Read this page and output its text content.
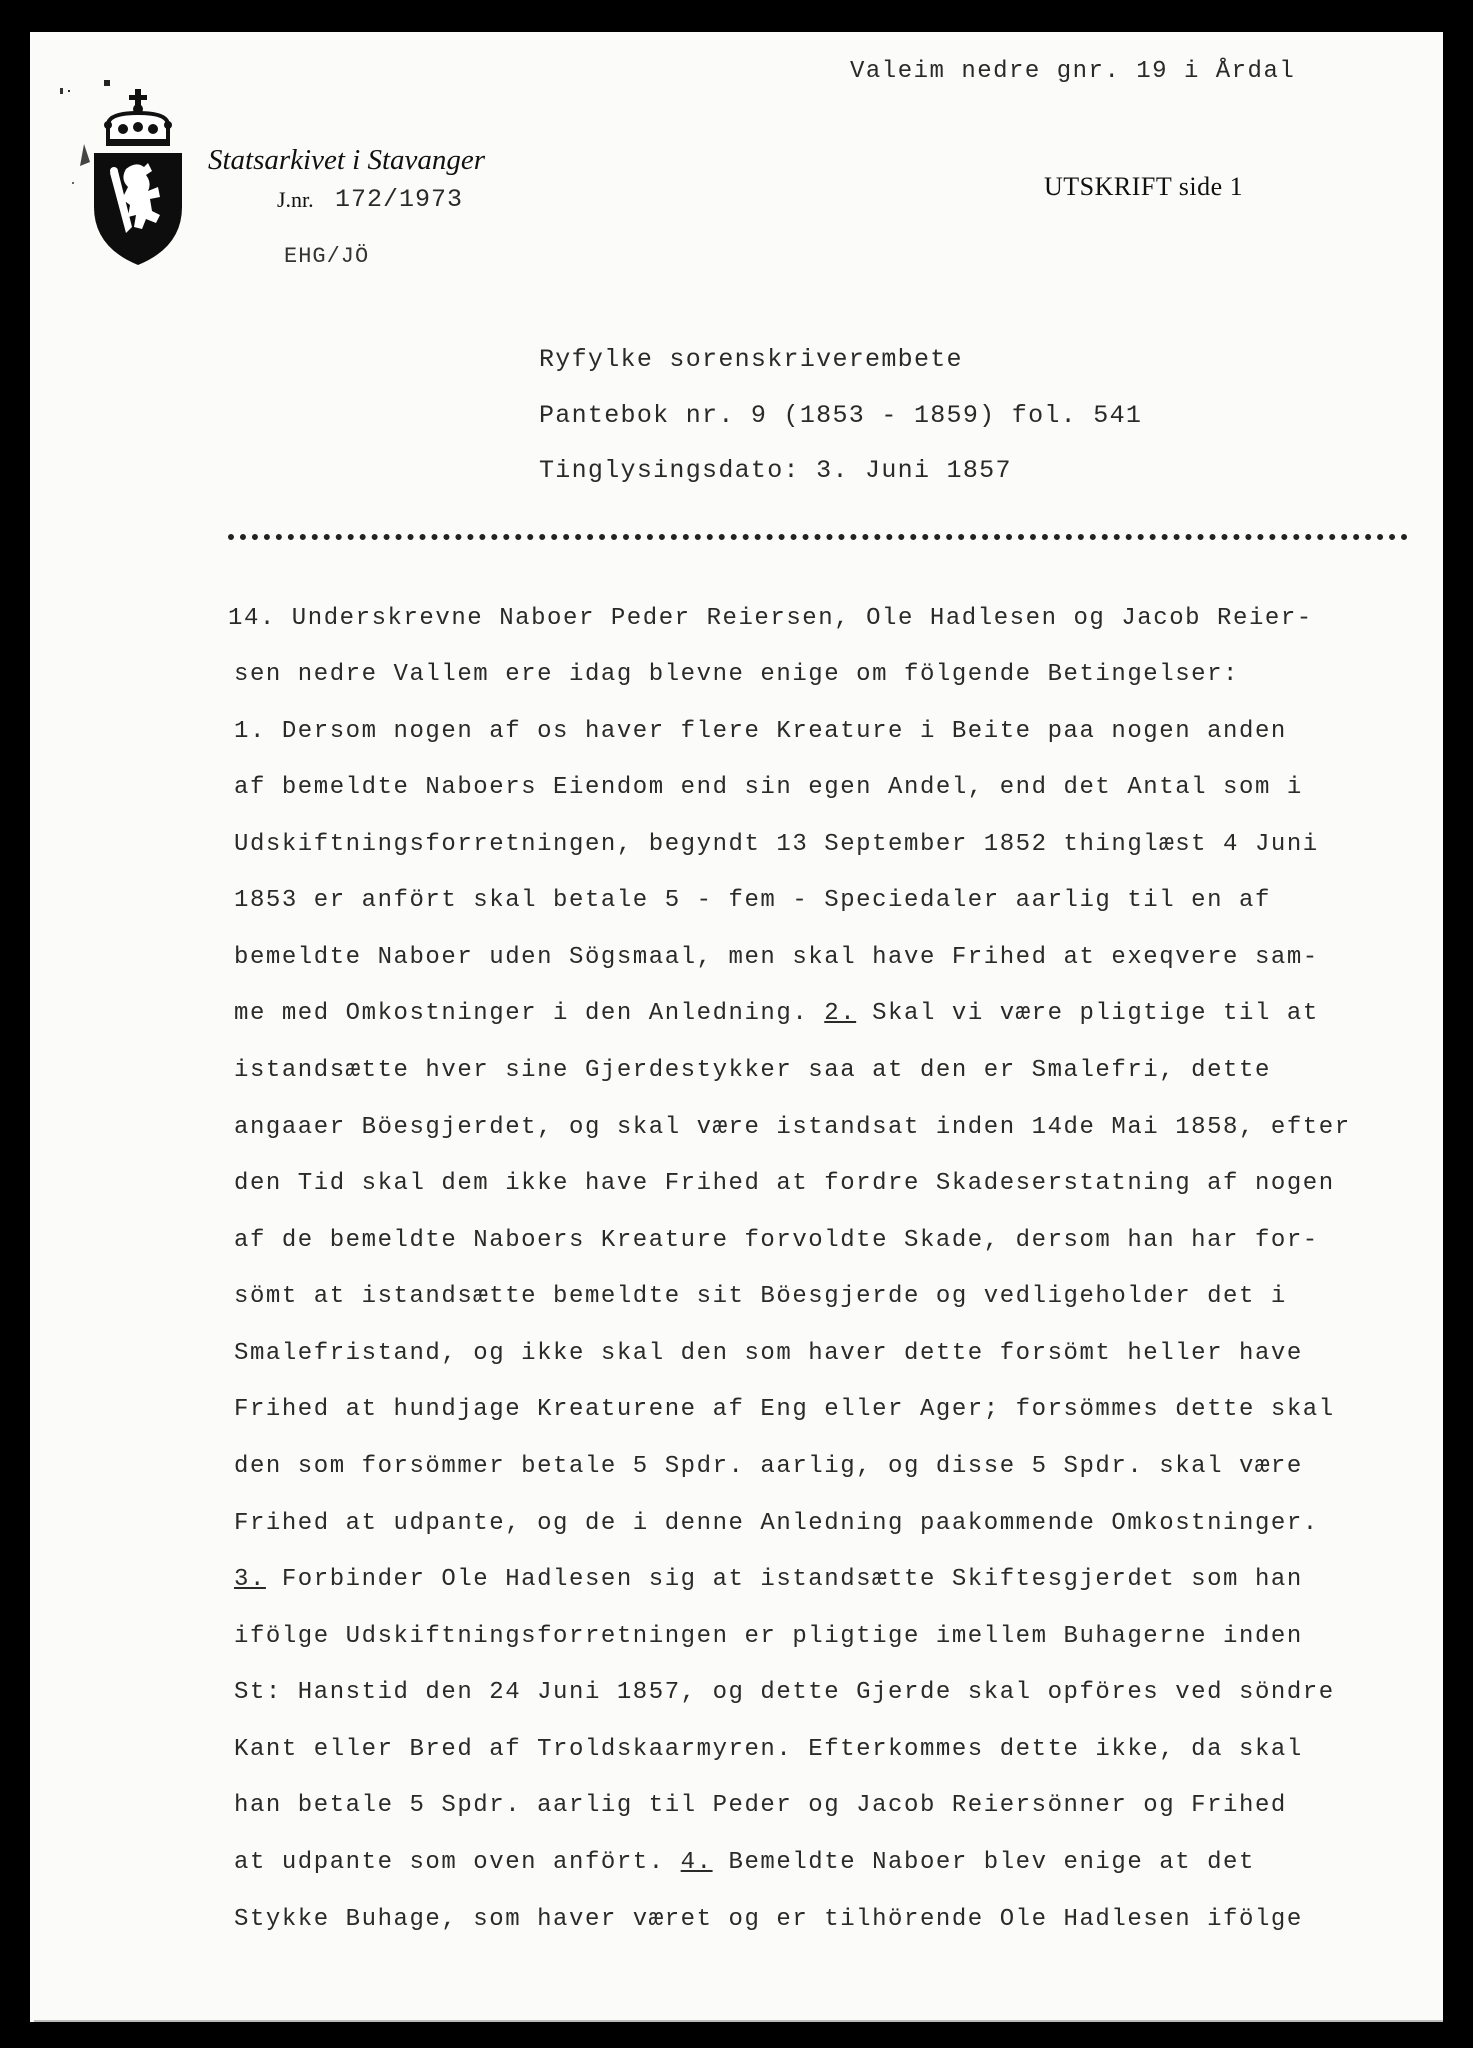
Valeim nedre gnr. 19 i Årdal
Statsarkivet i Stavanger
J.nr. 172/1973
EHG/JÖ
UTSKRIFT side 1
Ryfylke sorenskriverembete
Pantebok nr. 9 (1853 - 1859) fol. 541
Tinglysingsdato: 3. Juni 1857
14. Underskrevne Naboer Peder Reiersen, Ole Hadlesen og Jacob Reier-
sen nedre Vallem ere idag blevne enige om fölgende Betingelser:
1. Dersom nogen af os haver flere Kreature i Beite paa nogen anden
af bemeldte Naboers Eiendom end sin egen Andel, end det Antal som i
Udskiftningsforretningen, begyndt 13 September 1852 thinglæst 4 Juni
1853 er anfört skal betale 5 - fem - Speciedaler aarlig til en af
bemeldte Naboer uden Sögsmaal, men skal have Frihed at exeqvere sam-
me med Omkostninger i den Anledning. 2. Skal vi være pligtige til at
istandsætte hver sine Gjerdestykker saa at den er Smalefri, dette
angaaer Böesgjerdet, og skal være istandsat inden 14de Mai 1858, efter
den Tid skal dem ikke have Frihed at fordre Skadeserstatning af nogen
af de bemeldte Naboers Kreature forvoldte Skade, dersom han har for-
sömt at istandsætte bemeldte sit Böesgjerde og vedligeholder det i
Smalefristand, og ikke skal den som haver dette forsömt heller have
Frihed at hundjage Kreaturene af Eng eller Ager; forsömmes dette skal
den som forsömmer betale 5 Spdr. aarlig, og disse 5 Spdr. skal være
Frihed at udpante, og de i denne Anledning paakommende Omkostninger.
3. Forbinder Ole Hadlesen sig at istandsætte Skiftesgjerdet som han
ifölge Udskiftningsforretningen er pligtige imellem Buhagerne inden
St: Hanstid den 24 Juni 1857, og dette Gjerde skal opföres ved söndre
Kant eller Bred af Troldskaarmyren. Efterkommes dette ikke, da skal
han betale 5 Spdr. aarlig til Peder og Jacob Reiersönner og Frihed
at udpante som oven anfört. 4. Bemeldte Naboer blev enige at det
Stykke Buhage, som haver været og er tilhörende Ole Hadlesen ifölge
